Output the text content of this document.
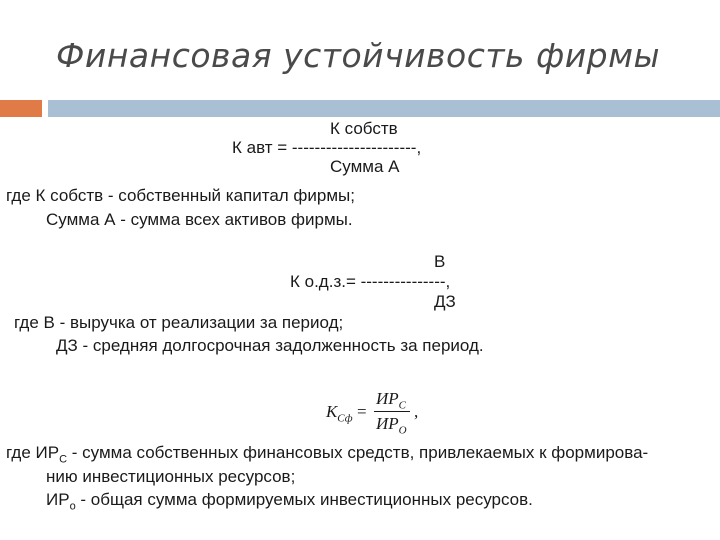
Финансовая устойчивость фирмы
К собств
К авт = ----------------------,
Сумма А
где К собств - собственный капитал фирмы;
Сумма А - сумма всех активов фирмы.
В
К о.д.з.= ---------------,
ДЗ
где В - выручка от реализации за период;
ДЗ - средняя долгосрочная задолженность за период.
$К_{Сф}$ =
$ИР_С$
$ИР_О$
,
где $ИР_С$ - сумма собственных финансовых средств, привлекаемых к формирова-
нию инвестиционных ресурсов;
$ИР_о$ - общая сумма формируемых инвестиционных ресурсов.
